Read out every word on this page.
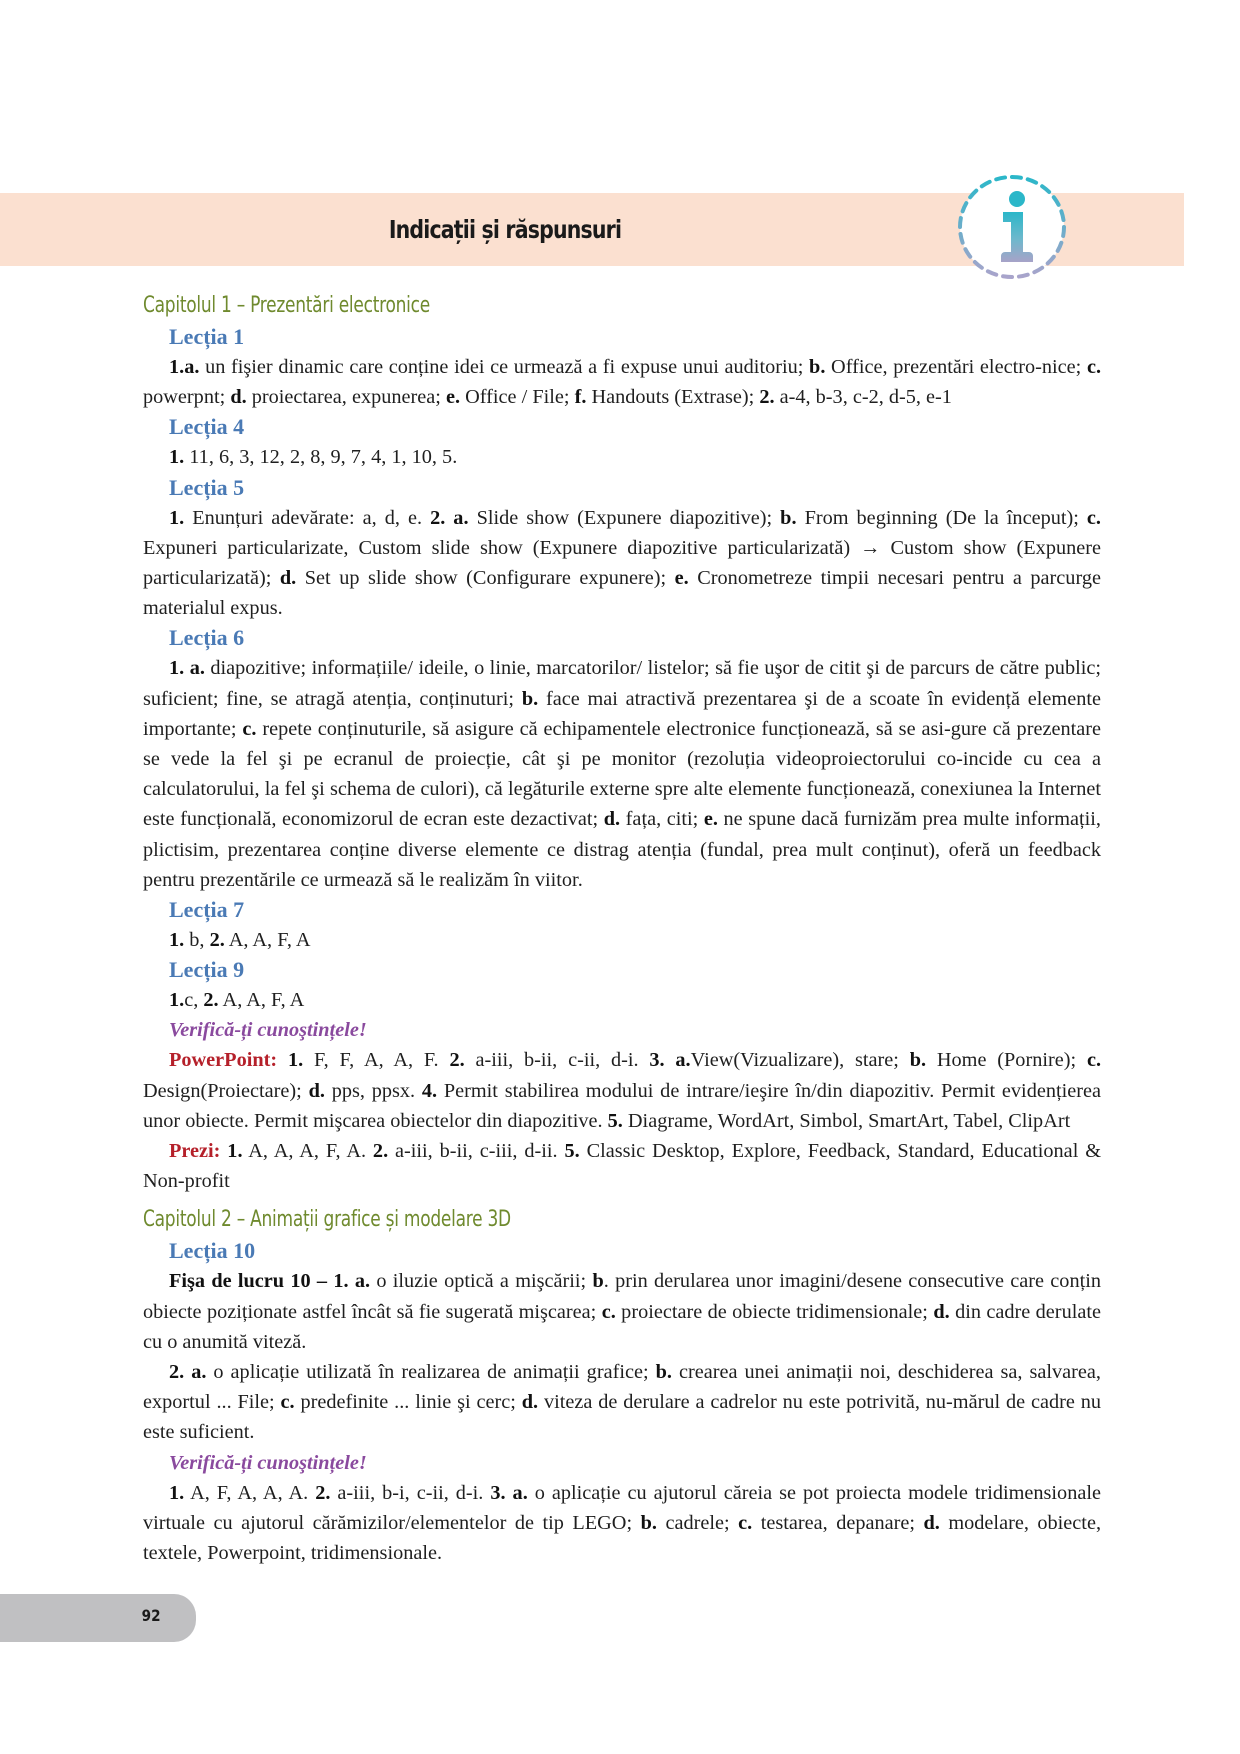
Indicații și răspunsuri
Capitolul 1 – Prezentări electronice
Lecția 1

1.a. un fişier dinamic care conține idei ce urmează a fi expuse unui auditoriu; b. Office, prezentări electro-nice; c. powerpnt; d. proiectarea, expunerea; e. Office / File; f. Handouts (Extrase); 2. a-4, b-3, c-2, d-5, e-1

Lecția 4

1. 11, 6, 3, 12, 2, 8, 9, 7, 4, 1, 10, 5.

Lecția 5

1. Enunțuri adevărate: a, d, e. 2. a. Slide show (Expunere diapozitive); b. From beginning (De la început); c. Expuneri particularizate, Custom slide show (Expunere diapozitive particularizată) → Custom show (Expunere particularizată); d. Set up slide show (Configurare expunere); e. Cronometreze timpii necesari pentru a parcurge materialul expus.

Lecția 6

1. a. diapozitive; informațiile/ ideile, o linie, marcatorilor/ listelor; să fie uşor de citit şi de parcurs de către public; suficient; fine, se atragă atenția, conținuturi; b. face mai atractivă prezentarea şi de a scoate în evidență elemente importante; c. repete conținuturile, să asigure că echipamentele electronice funcționează, să se asi-gure că prezentare se vede la fel şi pe ecranul de proiecție, cât şi pe monitor (rezoluția videoproiectorului co-incide cu cea a calculatorului, la fel şi schema de culori), că legăturile externe spre alte elemente funcționează, conexiunea la Internet este funcțională, economizorul de ecran este dezactivat; d. fața, citi; e. ne spune dacă furnizăm prea multe informații, plictisim, prezentarea conține diverse elemente ce distrag atenția (fundal, prea mult conținut), oferă un feedback pentru prezentările ce urmează să le realizăm în viitor.

Lecția 7

1. b, 2. A, A, F, A

Lecția 9

1.c, 2. A, A, F, A

Verifică-ți cunoştințele!

PowerPoint: 1. F, F, A, A, F. 2. a-iii, b-ii, c-ii, d-i. 3. a.View(Vizualizare), stare; b. Home (Pornire); c. Design(Proiectare); d. pps, ppsx. 4. Permit stabilirea modului de intrare/ieşire în/din diapozitiv. Permit evidențierea unor obiecte. Permit mişcarea obiectelor din diapozitive. 5. Diagrame, WordArt, Simbol, SmartArt, Tabel, ClipArt

Prezi: 1. A, A, A, F, A. 2. a-iii, b-ii, c-iii, d-ii. 5. Classic Desktop, Explore, Feedback, Standard, Educational & Non-profit

Capitolul 2 – Animații grafice și modelare 3D
Lecția 10

Fişa de lucru 10 – 1. a. o iluzie optică a mişcării; b. prin derularea unor imagini/desene consecutive care conțin obiecte poziționate astfel încât să fie sugerată mişcarea; c. proiectare de obiecte tridimensionale; d. din cadre derulate cu o anumită viteză.

2. a. o aplicație utilizată în realizarea de animații grafice; b. crearea unei animații noi, deschiderea sa, salvarea, exportul ... File; c. predefinite ... linie şi cerc; d. viteza de derulare a cadrelor nu este potrivită, nu-mărul de cadre nu este suficient.

Verifică-ți cunoştințele!

1. A, F, A, A, A. 2. a-iii, b-i, c-ii, d-i. 3. a. o aplicație cu ajutorul căreia se pot proiecta modele tridimensionale virtuale cu ajutorul cărămizilor/elementelor de tip LEGO; b. cadrele; c. testarea, depanare; d. modelare, obiecte, textele, Powerpoint, tridimensionale.

92
